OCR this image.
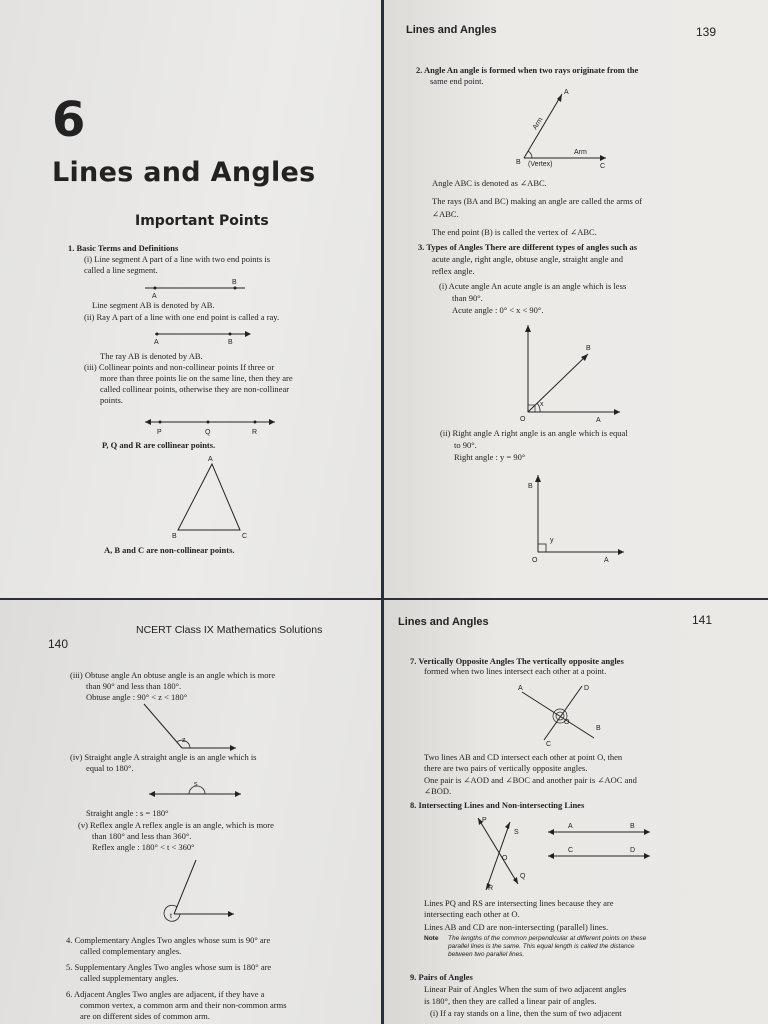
6
Lines and Angles
Important Points
1. Basic Terms and Definitions
(i) Line segment A part of a line with two end points is
called a line segment.
A
B
Line segment AB is denoted by AB.
(ii) Ray A part of a line with one end point is called a ray.
A	B
The ray AB is denoted by AB.
(iii) Collinear points and non-collinear points If three or
more than three points lie on the same line, then they are
called collinear points, otherwise they are non-collinear
points.
P	Q	R
P, Q and R are collinear points.
A
B	C
A, B and C are non-collinear points.
Lines and Angles	139
2. Angle An angle is formed when two rays originate from the
same end point.
A
Arm
Arm
B (Vertex)	C
Angle ABC is denoted as ∠ABC.
The rays (BA and BC) making an angle are called the arms of
∠ABC.
The end point (B) is called the vertex of ∠ABC.
3. Types of Angles There are different types of angles such as
acute angle, right angle, obtuse angle, straight angle and
reflex angle.
(i) Acute angle An acute angle is an angle which is less
than 90°.
Acute angle : 0° < x < 90°.
B
x
O	A
(ii) Right angle A right angle is an angle which is equal
to 90°.
Right angle : y = 90°
B
y
O	A
140
NCERT Class IX Mathematics Solutions
(iii) Obtuse angle An obtuse angle is an angle which is more
than 90° and less than 180°.
Obtuse angle : 90° < z < 180°
z
(iv) Straight angle A straight angle is an angle which is
equal to 180°.
s
Straight angle : s = 180°
(v) Reflex angle A reflex angle is an angle, which is more
than 180° and less than 360°.
Reflex angle : 180° < t < 360°
t
4. Complementary Angles Two angles whose sum is 90° are
called complementary angles.
5. Supplementary Angles Two angles whose sum is 180° are
called supplementary angles.
6. Adjacent Angles Two angles are adjacent, if they have a
common vertex, a common arm and their non-common arms
are on different sides of common arm.
Lines and Angles	141
7. Vertically Opposite Angles The vertically opposite angles
formed when two lines intersect each other at a point.
A	D
O
B
C
Two lines AB and CD intersect each other at point O, then
there are two pairs of vertically opposite angles.
One pair is ∠AOD and ∠BOC and another pair is ∠AOC and
∠BOD.
8. Intersecting Lines and Non-intersecting Lines
P
S
O
Q
R
A	B
C	D
Lines PQ and RS are intersecting lines because they are
intersecting each other at O.
Lines AB and CD are non-intersecting (parallel) lines.
Note The lengths of the common perpendicular at different points on these
parallel lines is the same. This equal length is called the distance
between two parallel lines.
9. Pairs of Angles
Linear Pair of Angles When the sum of two adjacent angles
is 180°, then they are called a linear pair of angles.
(i) If a ray stands on a line, then the sum of two adjacent
